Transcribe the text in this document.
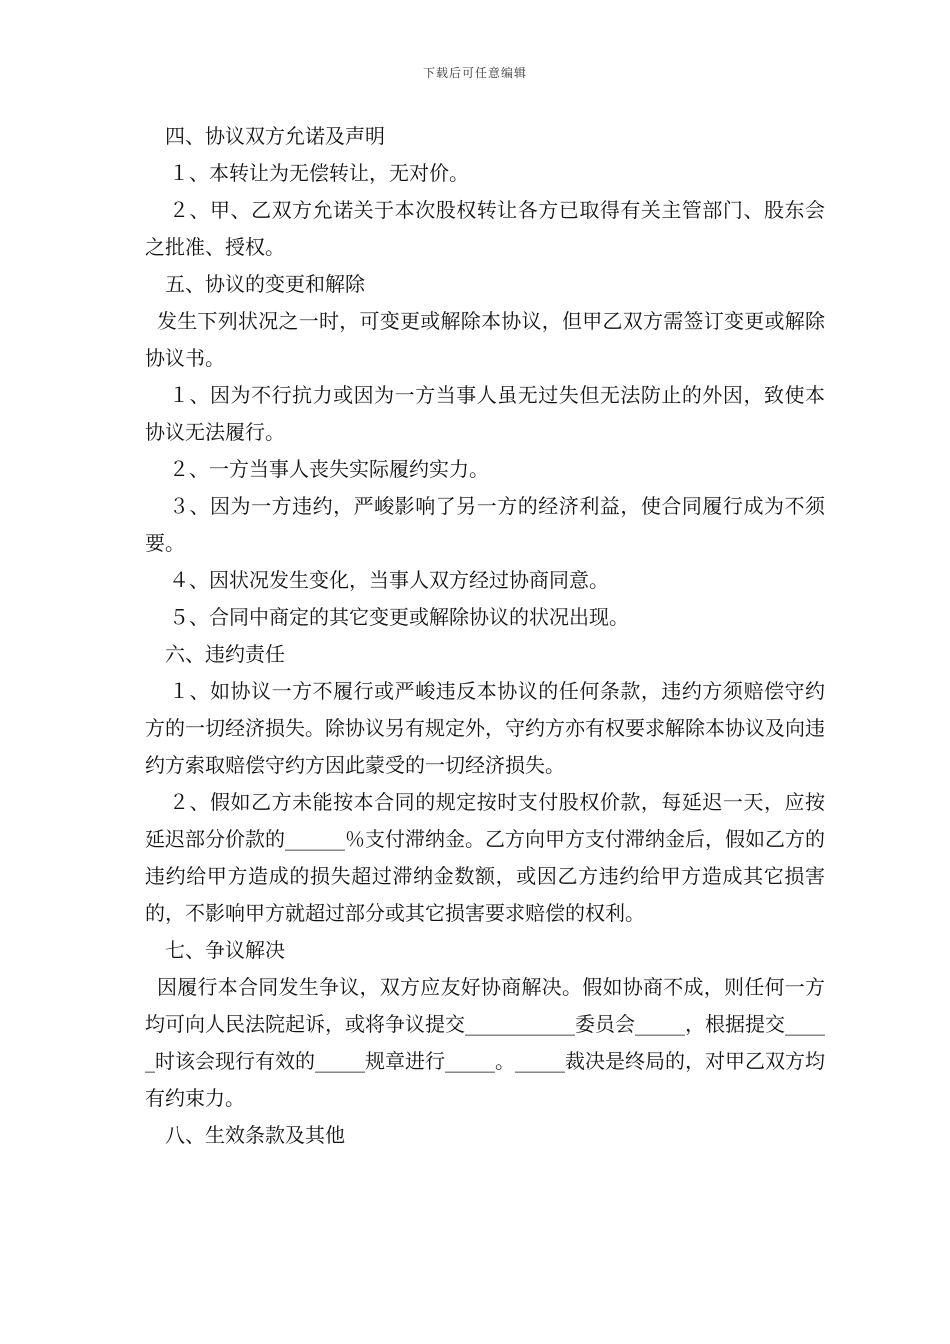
下载后可任意编辑

四、协议双方允诺及声明

１、本转让为无偿转让，无对价。

２、甲、乙双方允诺关于本次股权转让各方已取得有关主管部门、股东会之批准、授权。

五、协议的变更和解除

发生下列状况之一时，可变更或解除本协议，但甲乙双方需签订变更或解除协议书。

１、因为不行抗力或因为一方当事人虽无过失但无法防止的外因，致使本协议无法履行。

２、一方当事人丧失实际履约实力。

３、因为一方违约，严峻影响了另一方的经济利益，使合同履行成为不须要。

４、因状况发生变化，当事人双方经过协商同意。

５、合同中商定的其它变更或解除协议的状况出现。

六、违约责任

１、如协议一方不履行或严峻违反本协议的任何条款，违约方须赔偿守约方的一切经济损失。除协议另有规定外，守约方亦有权要求解除本协议及向违约方索取赔偿守约方因此蒙受的一切经济损失。

２、假如乙方未能按本合同的规定按时支付股权价款，每延迟一天，应按延迟部分价款的______％支付滞纳金。乙方向甲方支付滞纳金后，假如乙方的违约给甲方造成的损失超过滞纳金数额，或因乙方违约给甲方造成其它损害的，不影响甲方就超过部分或其它损害要求赔偿的权利。

七、争议解决

因履行本合同发生争议，双方应友好协商解决。假如协商不成，则任何一方均可向人民法院起诉，或将争议提交___________委员会_____，根据提交_____时该会现行有效的_____规章进行_____。_____裁决是终局的，对甲乙双方均有约束力。

八、生效条款及其他
